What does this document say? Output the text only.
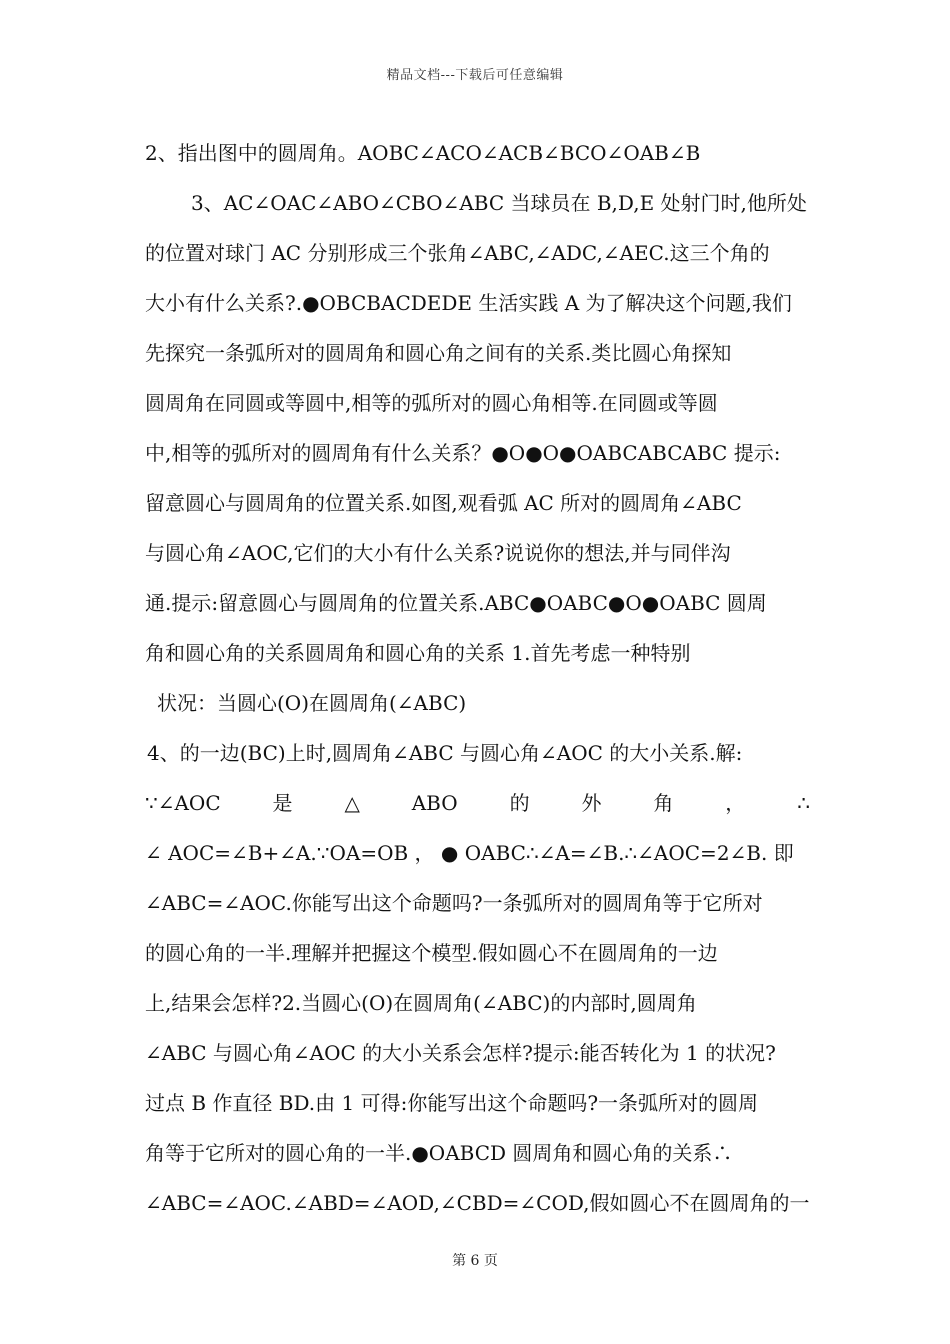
精品文档---下载后可任意编辑
2、指出图中的圆周角。AOBC∠ACO∠ACB∠BCO∠OAB∠B
3、AC∠OAC∠ABO∠CBO∠ABC 当球员在 B,D,E 处射门时,他所处
的位置对球门 AC 分别形成三个张角∠ABC,∠ADC,∠AEC.这三个角的
大小有什么关系?.●OBCBACDEDE 生活实践 A 为了解决这个问题,我们
先探究一条弧所对的圆周角和圆心角之间有的关系.类比圆心角探知
圆周角在同圆或等圆中,相等的弧所对的圆心角相等.在同圆或等圆
中,相等的弧所对的圆周角有什么关系？●O●O●OABCABCABC 提示:
留意圆心与圆周角的位置关系.如图,观看弧 AC 所对的圆周角∠ABC
与圆心角∠AOC,它们的大小有什么关系?说说你的想法,并与同伴沟
通.提示:留意圆心与圆周角的位置关系.ABC●OABC●O●OABC 圆周
角和圆心角的关系圆周角和圆心角的关系 1.首先考虑一种特别
状况：当圆心(O)在圆周角(∠ABC)
4、的一边(BC)上时,圆周角∠ABC 与圆心角∠AOC 的大小关系.解:
∵∠AOC	是	△	ABO	的	外	角	，	∴
∠ AOC=∠B+∠A.∵OA=OB ， ● OABC∴∠A=∠B.∴∠AOC=2∠B. 即
∠ABC=∠AOC.你能写出这个命题吗?一条弧所对的圆周角等于它所对
的圆心角的一半.理解并把握这个模型.假如圆心不在圆周角的一边
上,结果会怎样?2.当圆心(O)在圆周角(∠ABC)的内部时,圆周角
∠ABC 与圆心角∠AOC 的大小关系会怎样?提示:能否转化为 1 的状况?
过点 B 作直径 BD.由 1 可得:你能写出这个命题吗?一条弧所对的圆周
角等于它所对的圆心角的一半.●OABCD 圆周角和圆心角的关系∴
∠ABC=∠AOC.∠ABD=∠AOD,∠CBD=∠COD,假如圆心不在圆周角的一
第 6 页
